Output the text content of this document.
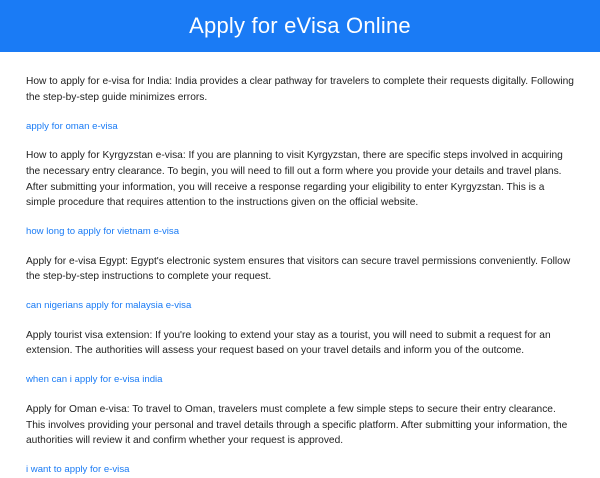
Apply for eVisa Online

How to apply for e-visa for India: India provides a clear pathway for travelers to complete their requests digitally. Following the step-by-step guide minimizes errors.

apply for oman e-visa

How to apply for Kyrgyzstan e-visa: If you are planning to visit Kyrgyzstan, there are specific steps involved in acquiring the necessary entry clearance. To begin, you will need to fill out a form where you provide your details and travel plans. After submitting your information, you will receive a response regarding your eligibility to enter Kyrgyzstan. This is a simple procedure that requires attention to the instructions given on the official website.

how long to apply for vietnam e-visa

Apply for e-visa Egypt: Egypt's electronic system ensures that visitors can secure travel permissions conveniently. Follow the step-by-step instructions to complete your request.

can nigerians apply for malaysia e-visa

Apply tourist visa extension: If you're looking to extend your stay as a tourist, you will need to submit a request for an extension. The authorities will assess your request based on your travel details and inform you of the outcome.

when can i apply for e-visa india

Apply for Oman e-visa: To travel to Oman, travelers must complete a few simple steps to secure their entry clearance. This involves providing your personal and travel details through a specific platform. After submitting your information, the authorities will review it and confirm whether your request is approved.

i want to apply for e-visa
